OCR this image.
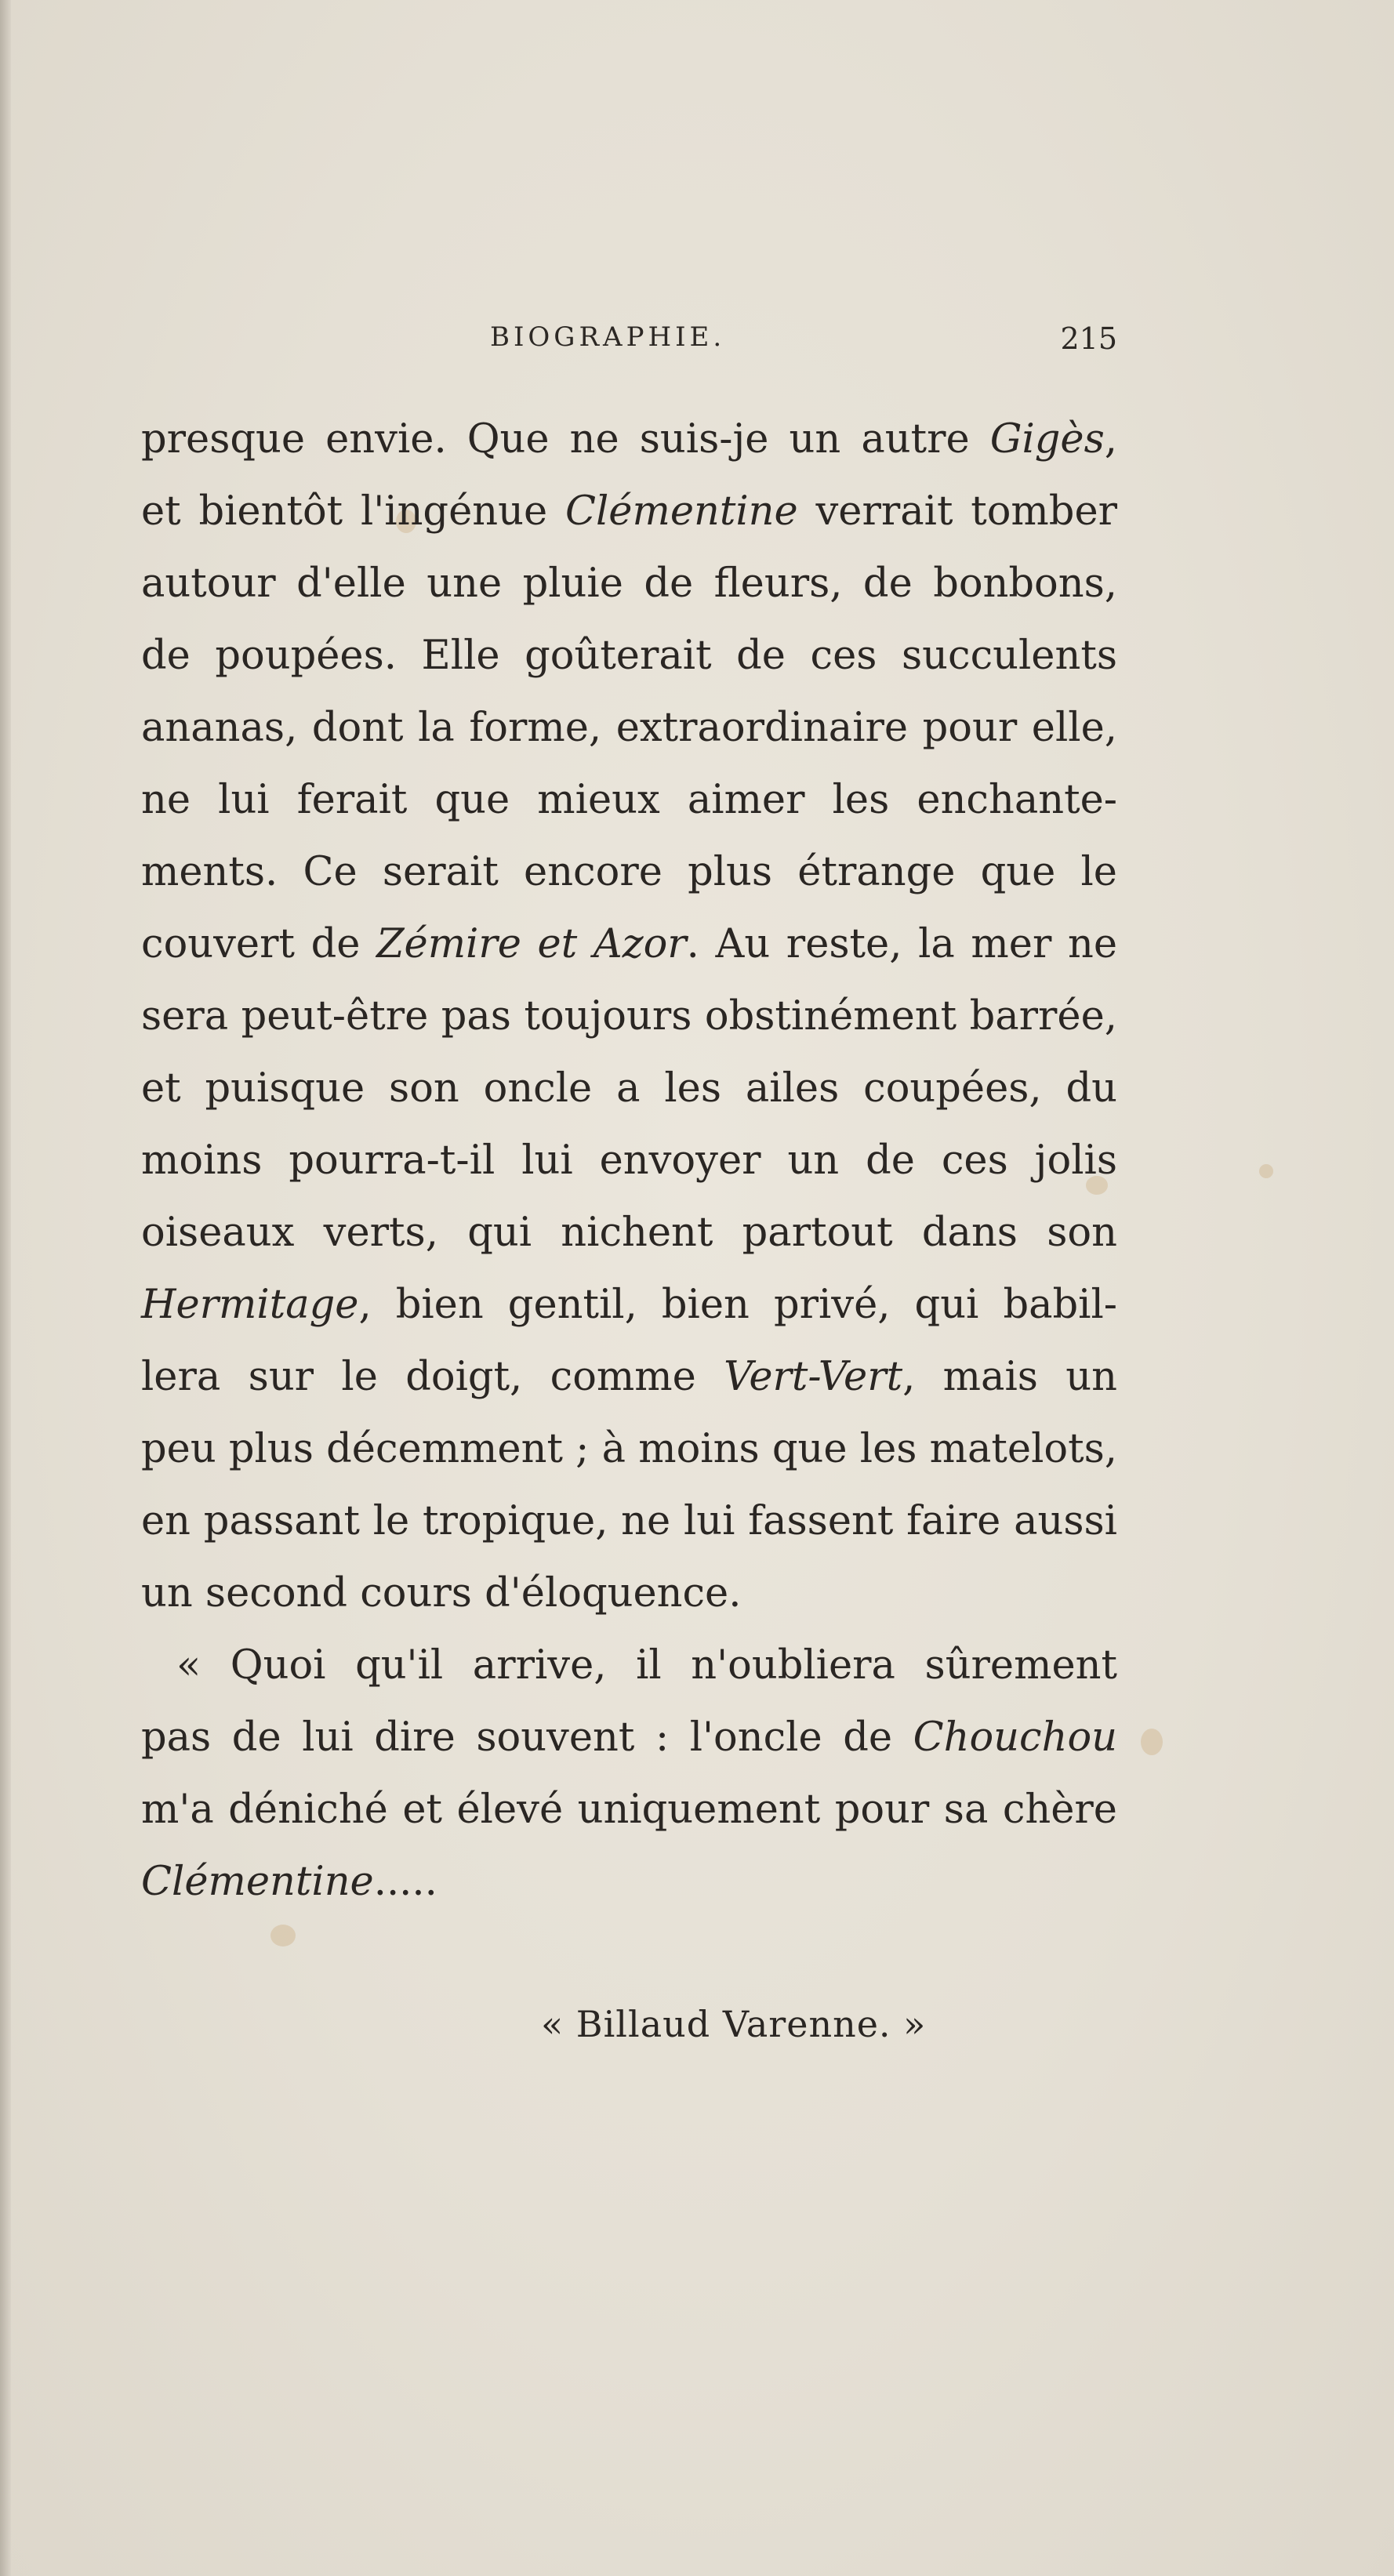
BIOGRAPHIE.	215
presque envie. Que ne suis-je un autre Gigès,
et bientôt l'ingénue Clémentine verrait tomber
autour d'elle une pluie de fleurs, de bonbons,
de poupées. Elle goûterait de ces succulents
ananas, dont la forme, extraordinaire pour elle,
ne lui ferait que mieux aimer les enchante-
ments. Ce serait encore plus étrange que le
couvert de Zémire et Azor. Au reste, la mer ne
sera peut-être pas toujours obstinément barrée,
et puisque son oncle a les ailes coupées, du
moins pourra-t-il lui envoyer un de ces jolis
oiseaux verts, qui nichent partout dans son
Hermitage, bien gentil, bien privé, qui babil-
lera sur le doigt, comme Vert-Vert, mais un
peu plus décemment ; à moins que les matelots,
en passant le tropique, ne lui fassent faire aussi
un second cours d'éloquence.
« Quoi qu'il arrive, il n'oubliera sûrement
pas de lui dire souvent : l'oncle de Chouchou
m'a déniché et élevé uniquement pour sa chère
Clémentine.....
« Billaud Varenne. »
